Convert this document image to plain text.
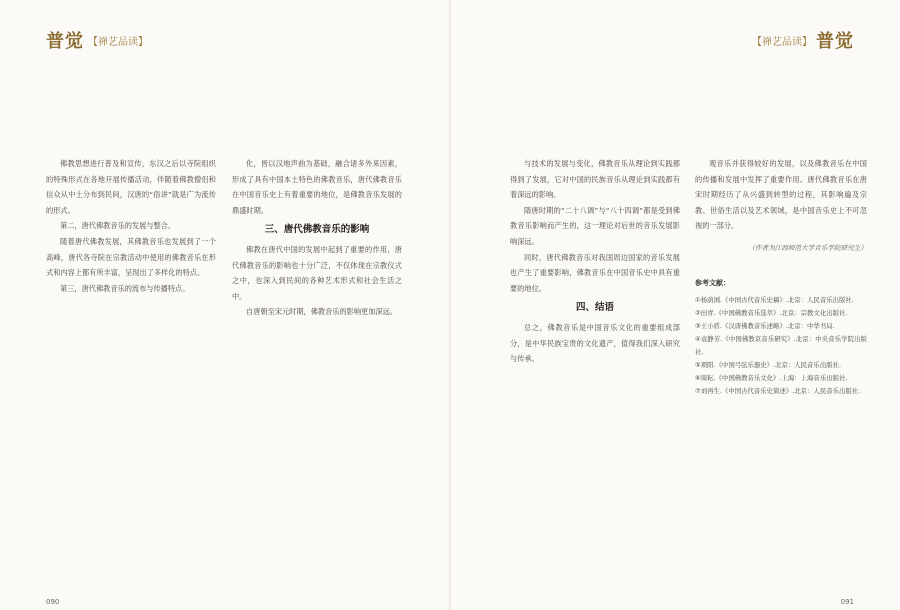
普觉 【禅艺品读】

佛教思想进行普及和宣传，东汉之后以寺院组织的特殊形式在各地开展传播活动，伴随着佛教僧侣和信众从中土分布到民间，汉唐的“俗讲”就是广为流传的形式。

第二，唐代佛教音乐的发展与整合。

随着唐代佛教发展，其佛教音乐也发展到了一个高峰，唐代各寺院在宗教活动中使用的佛教音乐在形式和内容上都有所丰富，呈现出了多样化的特点。

第三，唐代佛教音乐的流布与传播特点。

化，皆以汉地声曲为基础，融合诸多外来因素，形成了具有中国本土特色的佛教音乐，唐代佛教音乐在中国音乐史上有着重要的地位，是佛教音乐发展的鼎盛时期。

三、唐代佛教音乐的影响

佛教在唐代中国的发展中起到了重要的作用，唐代佛教音乐的影响也十分广泛，不仅体现在宗教仪式之中，也深入到民间的各种艺术形式和社会生活之中。

自唐朝至宋元时期，佛教音乐的影响更加深远。

090
普觉
【禅艺品读】
091

与技术的发展与变化，佛教音乐从理论到实践都得到了发展，它对中国的民族音乐从理论到实践都有着深远的影响。

隋唐时期的“二十八调”与“八十四调”都是受到佛教音乐影响而产生的，这一理论对后世的音乐发展影响深远。

同时，唐代佛教音乐对我国周边国家的音乐发展也产生了重要影响，佛教音乐在中国音乐史中具有重要的地位。

四、结语

总之，佛教音乐是中国音乐文化的重要组成部分，是中华民族宝贵的文化遗产，值得我们深入研究与传承。

观音乐并获得较好的发展，以及佛教音乐在中国的传播和发展中发挥了重要作用。唐代佛教音乐在唐宋时期经历了从兴盛到转型的过程，其影响遍及宗教、世俗生活以及艺术领域，是中国音乐史上不可忽视的一部分。

（作者为江西师范大学音乐学院研究生）
参考文献：
①杨荫浏.《中国古代音乐史稿》.北京：人民音乐出版社.
②田青.《中国佛教音乐选萃》.北京：宗教文化出版社.
③王小盾.《汉唐佛教音乐述略》.北京：中华书局.
④袁静芳.《中国佛教京音乐研究》.北京：中央音乐学院出版社.
⑤项阳.《中国弓弦乐器史》.北京：人民音乐出版社.
⑥周耘.《中国佛教音乐文化》.上海：上海音乐出版社.
⑦刘再生.《中国古代音乐史简述》.北京：人民音乐出版社.
